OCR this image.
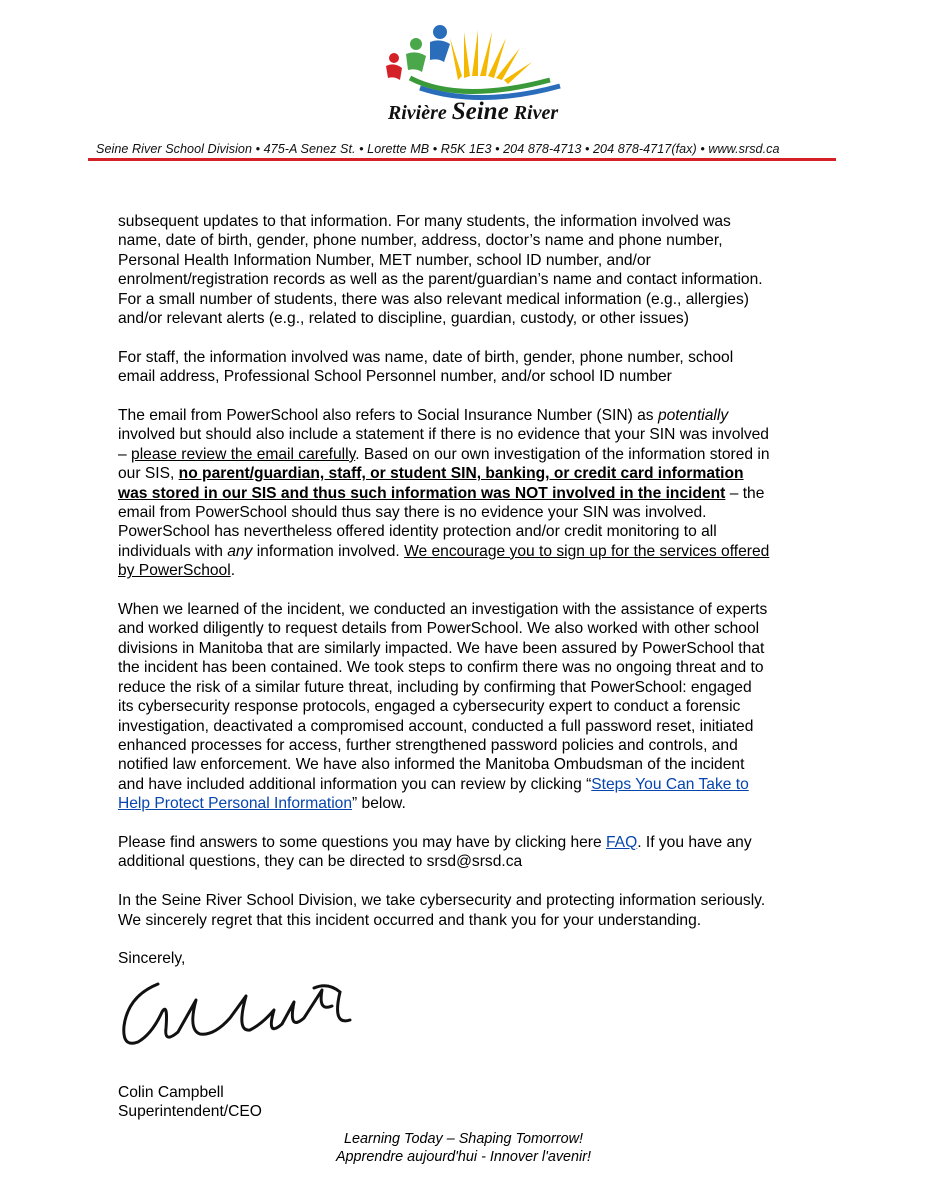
Rivière Seine River
Seine River School Division • 475-A Senez St. • Lorette MB • R5K 1E3 • 204 878-4713 • 204 878-4717(fax) • www.srsd.ca
subsequent updates to that information. For many students, the information involved was
name, date of birth, gender, phone number, address, doctor’s name and phone number,
Personal Health Information Number, MET number, school ID number, and/or
enrolment/registration records as well as the parent/guardian’s name and contact information.
For a small number of students, there was also relevant medical information (e.g., allergies)
and/or relevant alerts (e.g., related to discipline, guardian, custody, or other issues)
For staff, the information involved was name, date of birth, gender, phone number, school
email address, Professional School Personnel number, and/or school ID number
The email from PowerSchool also refers to Social Insurance Number (SIN) as potentially
involved but should also include a statement if there is no evidence that your SIN was involved
– please review the email carefully. Based on our own investigation of the information stored in
our SIS, no parent/guardian, staff, or student SIN, banking, or credit card information
was stored in our SIS and thus such information was NOT involved in the incident – the
email from PowerSchool should thus say there is no evidence your SIN was involved.
PowerSchool has nevertheless offered identity protection and/or credit monitoring to all
individuals with any information involved. We encourage you to sign up for the services offered
by PowerSchool.
When we learned of the incident, we conducted an investigation with the assistance of experts
and worked diligently to request details from PowerSchool. We also worked with other school
divisions in Manitoba that are similarly impacted. We have been assured by PowerSchool that
the incident has been contained. We took steps to confirm there was no ongoing threat and to
reduce the risk of a similar future threat, including by confirming that PowerSchool: engaged
its cybersecurity response protocols, engaged a cybersecurity expert to conduct a forensic
investigation, deactivated a compromised account, conducted a full password reset, initiated
enhanced processes for access, further strengthened password policies and controls, and
notified law enforcement. We have also informed the Manitoba Ombudsman of the incident
and have included additional information you can review by clicking “Steps You Can Take to
Help Protect Personal Information” below.
Please find answers to some questions you may have by clicking here FAQ. If you have any
additional questions, they can be directed to srsd@srsd.ca
In the Seine River School Division, we take cybersecurity and protecting information seriously.
We sincerely regret that this incident occurred and thank you for your understanding.
Sincerely,
Colin Campbell
Superintendent/CEO
Learning Today – Shaping Tomorrow!
Apprendre aujourd'hui - Innover l'avenir!
